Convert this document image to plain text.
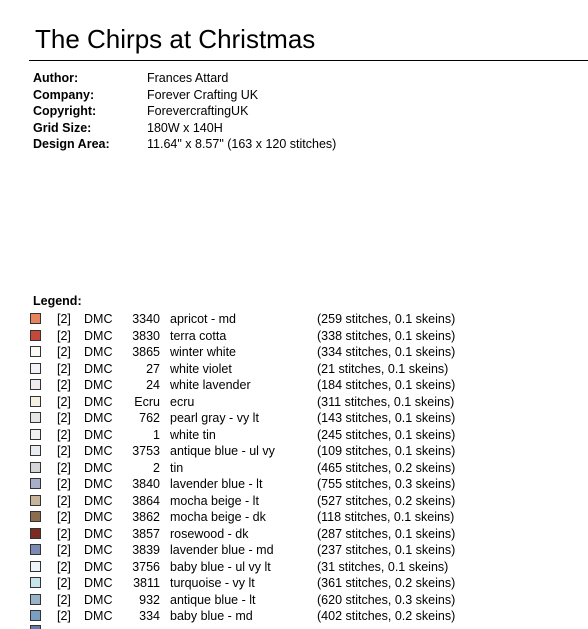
The Chirps at Christmas
Author:	Frances Attard
Company:	Forever Crafting UK
Copyright:	ForevercraftingUK
Grid Size:	180W x 140H
Design Area:	11.64" x 8.57" (163 x 120 stitches)
Legend:
[2] DMC 3340 apricot - md	(259 stitches, 0.1 skeins)
[2] DMC 3830 terra cotta	(338 stitches, 0.1 skeins)
[2] DMC 3865 winter white	(334 stitches, 0.1 skeins)
[2] DMC	27 white violet	(21 stitches, 0.1 skeins)
[2] DMC	24 white lavender	(184 stitches, 0.1 skeins)
[2] DMC Ecru ecru	(311 stitches, 0.1 skeins)
[2] DMC 762 pearl gray - vy lt	(143 stitches, 0.1 skeins)
[2] DMC	1 white tin	(245 stitches, 0.1 skeins)
[2] DMC 3753 antique blue - ul vy	(109 stitches, 0.1 skeins)
[2] DMC	2 tin	(465 stitches, 0.2 skeins)
[2] DMC 3840 lavender blue - lt	(755 stitches, 0.3 skeins)
[2] DMC 3864 mocha beige - lt	(527 stitches, 0.2 skeins)
[2] DMC 3862 mocha beige - dk	(118 stitches, 0.1 skeins)
[2] DMC 3857 rosewood - dk	(287 stitches, 0.1 skeins)
[2] DMC 3839 lavender blue - md	(237 stitches, 0.1 skeins)
[2] DMC 3756 baby blue - ul vy lt	(31 stitches, 0.1 skeins)
[2] DMC 3811 turquoise - vy lt	(361 stitches, 0.2 skeins)
[2] DMC 932 antique blue - lt	(620 stitches, 0.3 skeins)
[2] DMC 334 baby blue - md	(402 stitches, 0.2 skeins)
